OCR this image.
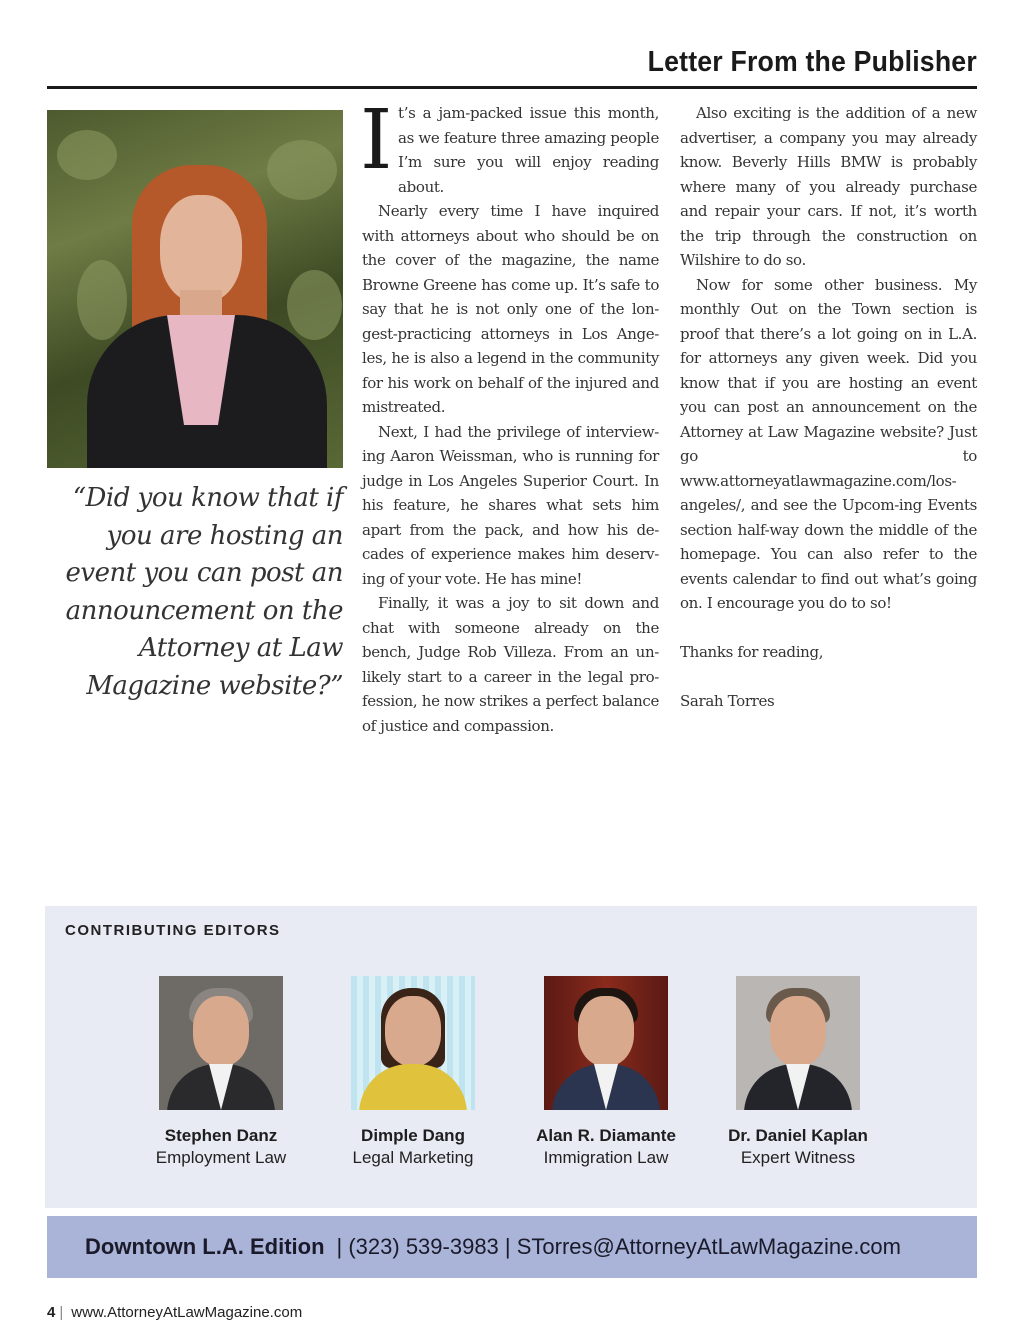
Letter From the Publisher
“Did you know that if you are hosting an event you can post an announcement on the Attorney at Law Magazine website?”

It’s a jam-packed issue this month, as we feature three amazing people I’m sure you will enjoy reading about.

Nearly every time I have inquired with attorneys about who should be on the cover of the magazine, the name Browne Greene has come up. It’s safe to say that he is not only one of the lon-gest-practicing attorneys in Los Ange-les, he is also a legend in the community for his work on behalf of the injured and mistreated.

Next, I had the privilege of interview-ing Aaron Weissman, who is running for judge in Los Angeles Superior Court. In his feature, he shares what sets him apart from the pack, and how his de-cades of experience makes him deserv-ing of your vote. He has mine!

Finally, it was a joy to sit down and chat with someone already on the bench, Judge Rob Villeza. From an un-likely start to a career in the legal pro-fession, he now strikes a perfect balance of justice and compassion.

Also exciting is the addition of a new advertiser, a company you may already know. Beverly Hills BMW is probably where many of you already purchase and repair your cars. If not, it’s worth the trip through the construction on Wilshire to do so.

Now for some other business. My monthly Out on the Town section is proof that there’s a lot going on in L.A. for attorneys any given week. Did you know that if you are hosting an event you can post an announcement on the Attorney at Law Magazine website? Just go to www.attorneyatlawmagazine.com/los-angeles/, and see the Upcom-ing Events section half-way down the middle of the homepage. You can also refer to the events calendar to find out what’s going on. I encourage you do to so!

Thanks for reading,

Sarah Torres

CONTRIBUTING EDITORS
Stephen Danz
Employment Law
Dimple Dang
Legal Marketing
Alan R. Diamante
Immigration Law
Dr. Daniel Kaplan
Expert Witness
Downtown L.A. Edition | (323) 539-3983 | STorres@AttorneyAtLawMagazine.com
4 | www.AttorneyAtLawMagazine.com
